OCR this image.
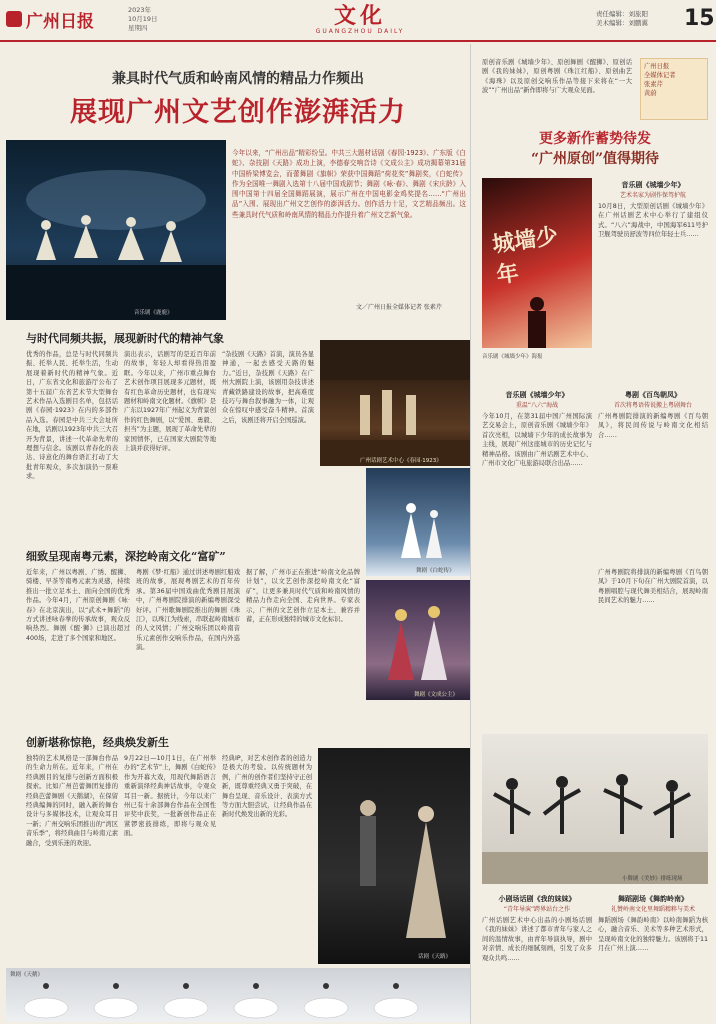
广州日报
2023年
10月19日
星期四	文化
GUANGZHOU DAILY
责任编辑：刘旅阳
美术编辑：刘鹏翼 15
兼具时代气质和岭南风情的精品力作频出
展现广州文艺创作澎湃活力
音乐剧《鹿鹿》
今年以来，“广州出品”精彩纷呈。中共三大题材话剧《春园·1923》、广东版《白蛇》、杂技剧《天路》成功上演，李德春交响音诗《文成公主》成功揭幕第31届中国桥梁博览会，而蕾舞剧《旗帜》荣获中国舞蹈“荷花奖”舞剧奖，《白蛇传》作为全国唯一舞剧入选第十八届中国戏剧节；舞剧《咏·春》、舞剧《宋庆龄》入围中国第十四届全国舞蹈展演，展示广州在中国电影金鸡奖提名……“广州出品”入围、展现出广州文艺创作的澎湃活力。创作活力十足，文艺精品频出。这些兼具时代气质和岭南风情的精品力作提升着广州文艺新气象。
文／广州日报全媒体记者 张素芹
与时代同频共振，展现新时代的精神气象
优秀的作品，总是与时代同频共振、托举人民、托举生活，生动展现着新时代的精神气象。近日，广东省文化和旅游厅公布了第十五届广东省艺术节大型舞台艺术作品入选剧目名单，包括话剧《春园·1923》在内的多部作品入选。春园是中共三大会址所在地，话剧以1923年中共三大召开为背景，讲述一代革命先辈的理想与信念。该剧以青春化的表达、诗意化的舞台语汇打动了大批青年观众，多次加演仍一票难求。
演出表示，话剧写的是近百年前的故事，年轻人却看得热泪盈眶。今年以来，广州市重点舞台艺术创作项目展现多元题材，既有红色革命历史题材，也有现实题材和岭南文化题材。《旗帜》是广东以1927年广州起义为背景创作的红色舞剧，以“爱国、勇毅、担当”为主题，展现了革命先辈的家国情怀，已在国家大剧院等地上演并获得好评。
“杂技剧《天路》首演，演员各显神通，一起去感受天路的魅力。”近日，杂技剧《天路》在广州大剧院上演，该剧用杂技讲述青藏铁路建设的故事，把高难度技巧与舞台叙事融为一体，让观众在惊叹中感受奋斗精神。首演之后，该剧还将开启全国巡演。
广州话剧艺术中心《春园·1923》
舞剧《白蛇传》
舞剧《文成公主》
细致呈现南粤元素，深挖岭南文化“富矿”
近年来，广州以粤剧、广绣、醒狮、骑楼、早茶等南粤元素为灵感，持续推出一批立足本土、面向全国的优秀作品。今年4月，广州原创舞剧《咏·春》在北京演出，以“武术+舞蹈”的方式讲述咏春拳的传承故事，观众反响热烈。舞剧《醒·狮》已演出超过400场，走进了多个国家和地区。
粤剧《梦·红船》通过讲述粤剧红船戏班的故事，展现粤剧艺术的百年传承。第36届中国戏曲优秀剧目展演中，广州粤剧院排演的新编粤剧深受好评。广州歌舞剧院推出的舞剧《珠江》，以珠江为线索，串联起岭南城市的人文风情；广州交响乐团以岭南音乐元素创作交响乐作品，在国内外巡演。
据了解，广州市正在推进“岭南文化品牌计划”，以文艺创作深挖岭南文化“富矿”，让更多兼具时代气质和岭南风情的精品力作走向全国、走向世界。专家表示，广州的文艺创作立足本土、兼容并蓄，正在形成独特的城市文化标识。
创新堪称惊艳，经典焕发新生
独特的艺术风格是一部舞台作品的生命力所在。近年来，广州在经典剧目的复排与创新方面积极探索。比如广州芭蕾舞团复排的经典芭蕾舞剧《天鹅湖》，在保留经典编舞的同时，融入新的舞台设计与多媒体技术，让观众耳目一新；广州交响乐团推出的“湾区音乐季”，将经典曲目与岭南元素融合，受到乐迷的欢迎。
9月22日—10月1日，在广州举办的“艺术节”上，舞剧《白蛇传》作为开幕大戏，用现代舞蹈语言重新演绎经典神话故事，令观众耳目一新。据统计，今年以来广州已有十余部舞台作品在全国性评奖中获奖，一批新创作品正在紧锣密鼓排练，即将与观众见面。
经典IP，对艺术创作者的创造力是极大的考验。以传统题材为例，广州的创作者们坚持守正创新，既尊重经典又勇于突破，在舞台呈现、音乐设计、表演方式等方面大胆尝试，让经典作品在新时代焕发出新的光彩。
话剧《天路》
舞剧《天鹅》
原创音乐剧《城墙少年》、原创舞剧《醒狮》、原创话剧《我的妹妹》，原创粤剧《珠江红船》、原创曲艺《海珠》以及原创交响乐作品等接下来将在“一大波”“广州出品”新作即将与广大观众见面。
广州日报
全媒体记者
张素芹
黄蔚
更多新作蓄势待发
“广州原创”值得期待
城墙少年
音乐剧《城墙少年》海报
音乐剧《城墙少年》
艺术名家为剧作保驾护航
10月8日，大型原创话剧《城墙少年》在广州话剧艺术中心举行了建组仪式。“八六”海战中，中国海军611号护卫舰驾驶员舒波等四位年轻士兵……
粤剧《百鸟朝凤》
首次将粤语传说搬上粤剧舞台
广州粤剧院排演的新编粤剧《百鸟朝凤》，将民间传说与岭南文化相结合……
音乐剧《城墙少年》
重温“八六”海战
今年10月，在第31届中国广州国际演艺交易会上，原创音乐剧《城墙少年》首次亮相，以城墙下少年的成长故事为主线，展现广州这座城市的历史记忆与精神品格。该剧由广州话剧艺术中心、广州市文化广电旅游局联合出品……
广州粤剧院将排演的新编粤剧《百鸟朝凤》于10月下旬在广州大剧院首演，以粤剧唱腔与现代舞美相结合，展现岭南民间艺术的魅力……
小舞剧《美妙》排练现场
小剧场话剧《我的妹妹》
“青年导演”跨界站台之作
广州话剧艺术中心出品的小剧场话剧《我的妹妹》讲述了都市青年与家人之间的温情故事，由青年导演执导，剧中对亲情、成长的细腻刻画，引发了众多观众共鸣……
舞蹈剧场《舞韵岭南》
礼赞岭南文化里舞蹈精粹与美术
舞蹈剧场《舞韵岭南》以岭南舞蹈为核心，融合音乐、美术等多种艺术形式，呈现岭南文化的独特魅力。该剧将于11月在广州上演……
